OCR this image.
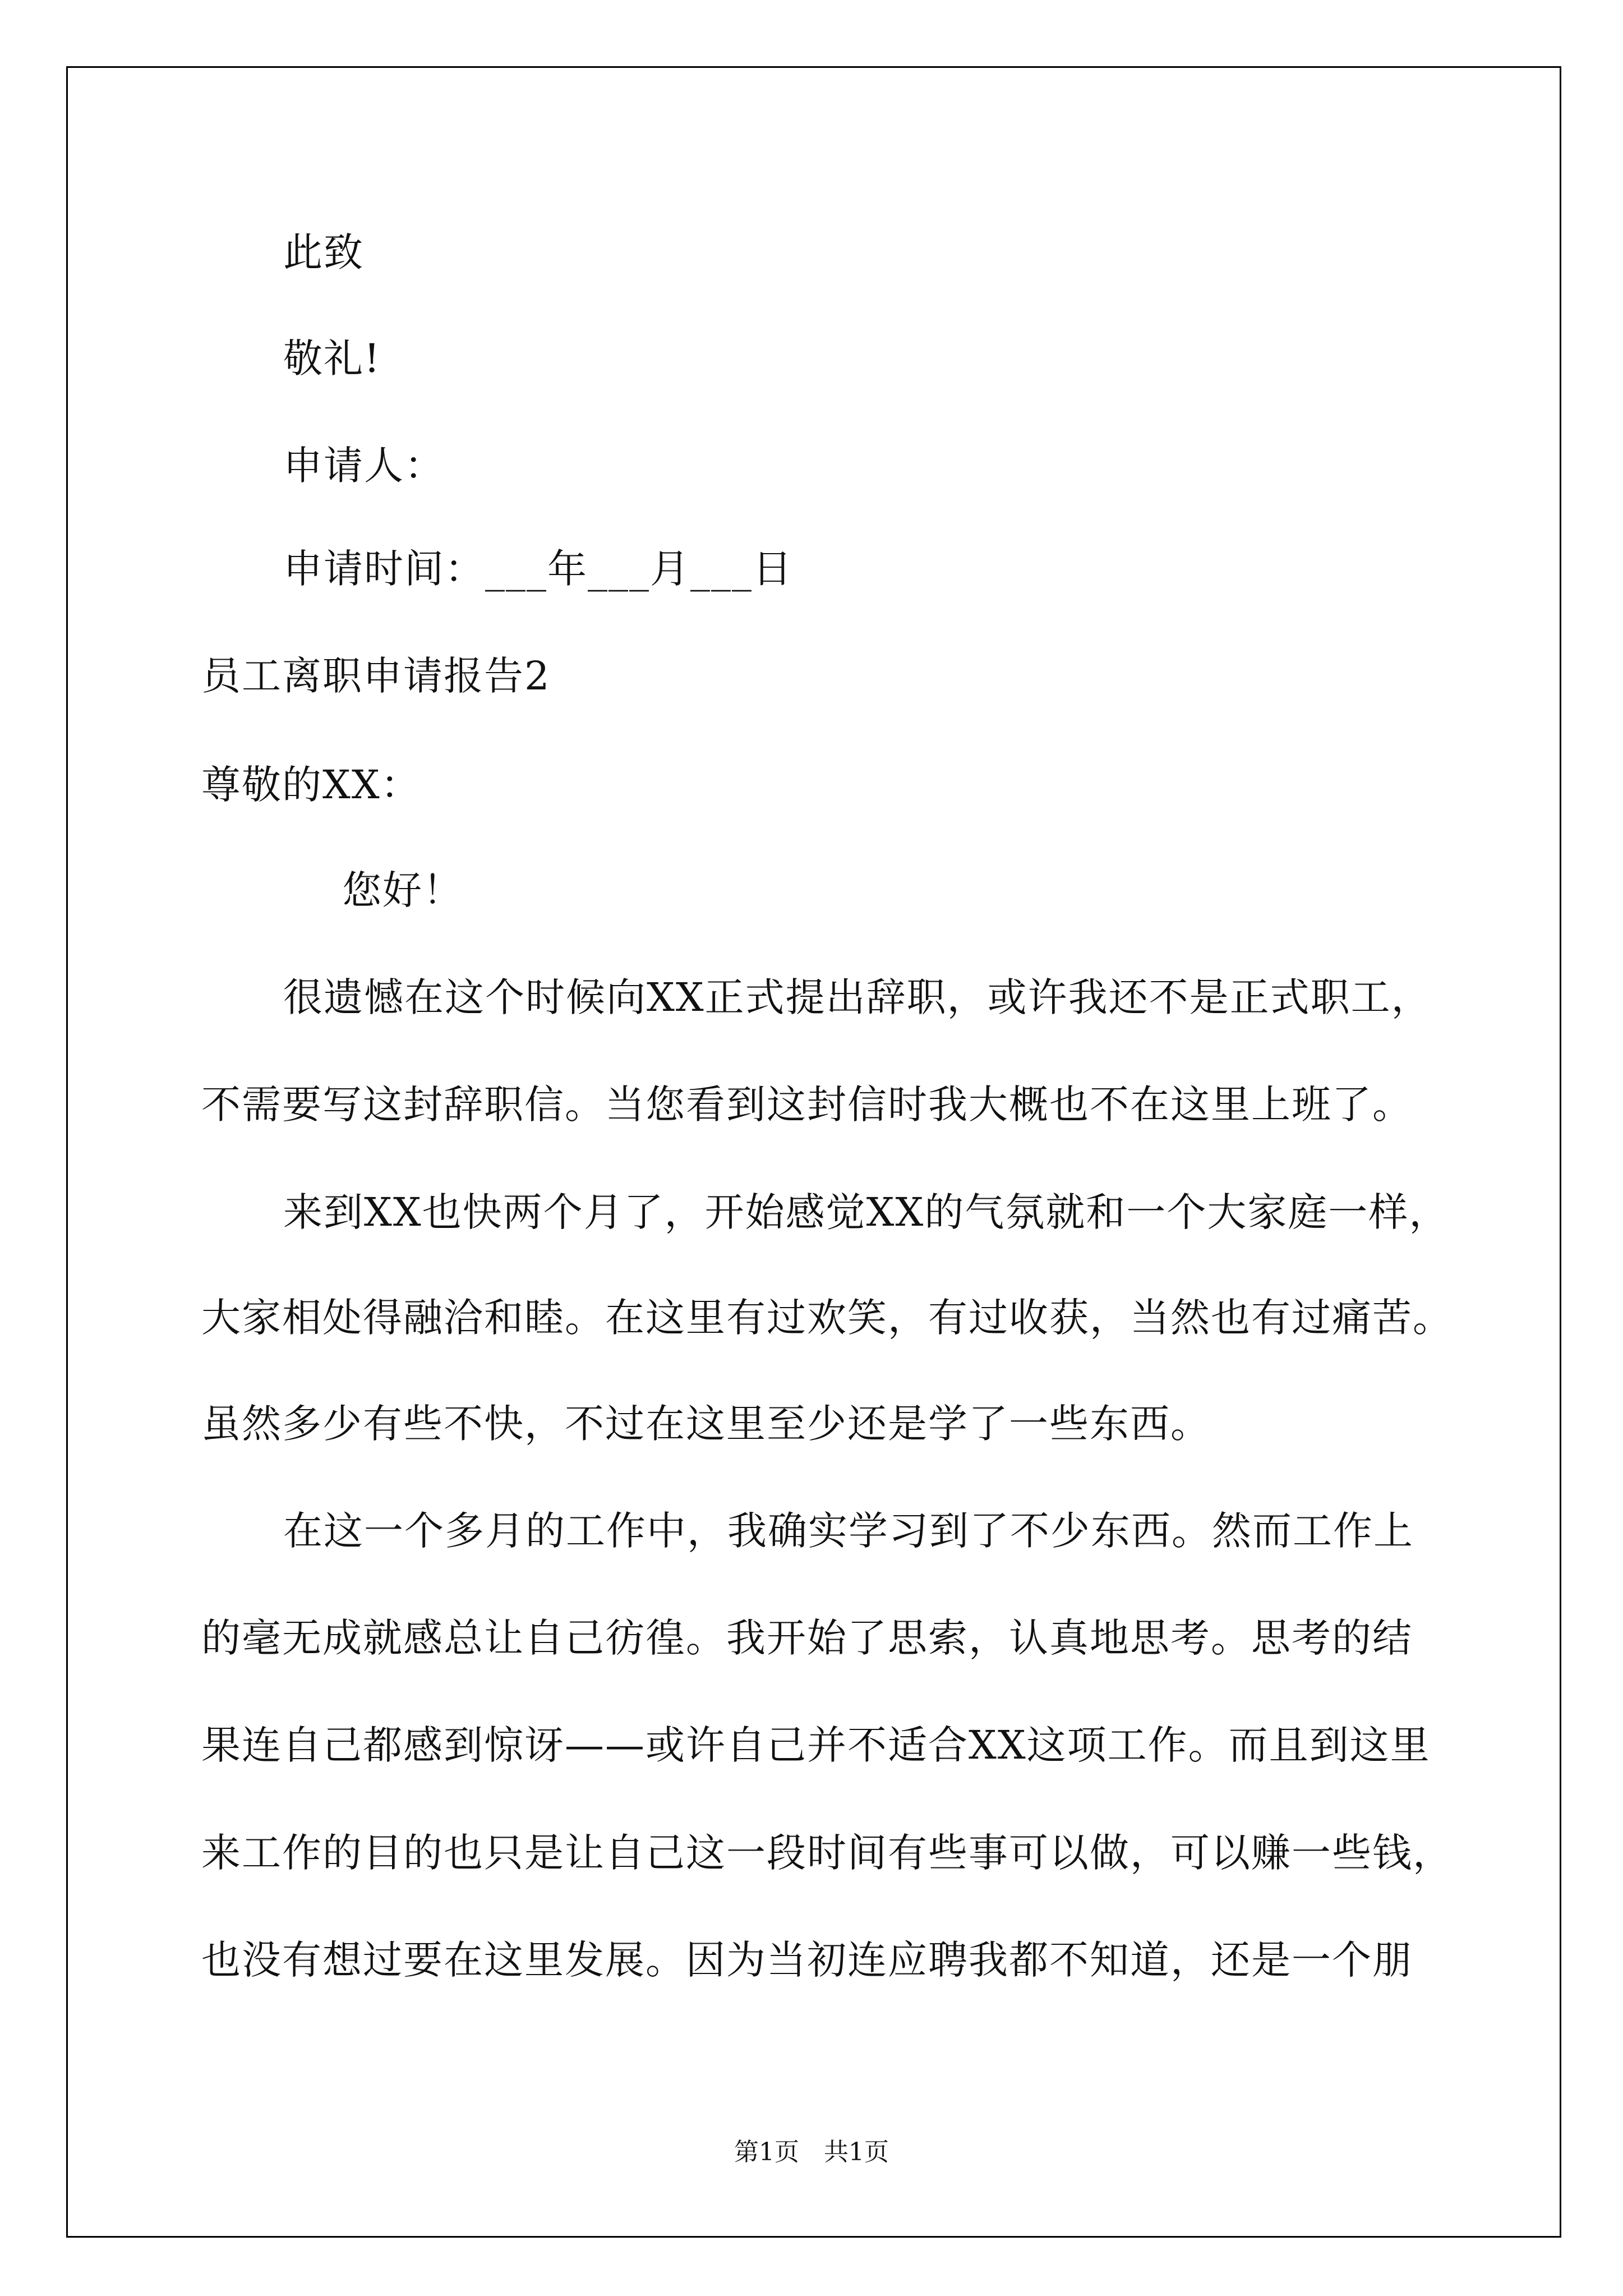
此致
敬礼!
申请人：
申请时间：___年___月___日
员工离职申请报告2
尊敬的XX：
您好！
很遗憾在这个时候向XX正式提出辞职，或许我还不是正式职工，
不需要写这封辞职信。当您看到这封信时我大概也不在这里上班了。
来到XX也快两个月了，开始感觉XX的气氛就和一个大家庭一样，
大家相处得融洽和睦。在这里有过欢笑，有过收获，当然也有过痛苦。
虽然多少有些不快，不过在这里至少还是学了一些东西。
在这一个多月的工作中，我确实学习到了不少东西。然而工作上
的毫无成就感总让自己彷徨。我开始了思索，认真地思考。思考的结
果连自己都感到惊讶——或许自己并不适合XX这项工作。而且到这里
来工作的目的也只是让自己这一段时间有些事可以做，可以赚一些钱，
也没有想过要在这里发展。因为当初连应聘我都不知道，还是一个朋
第1页　共1页
